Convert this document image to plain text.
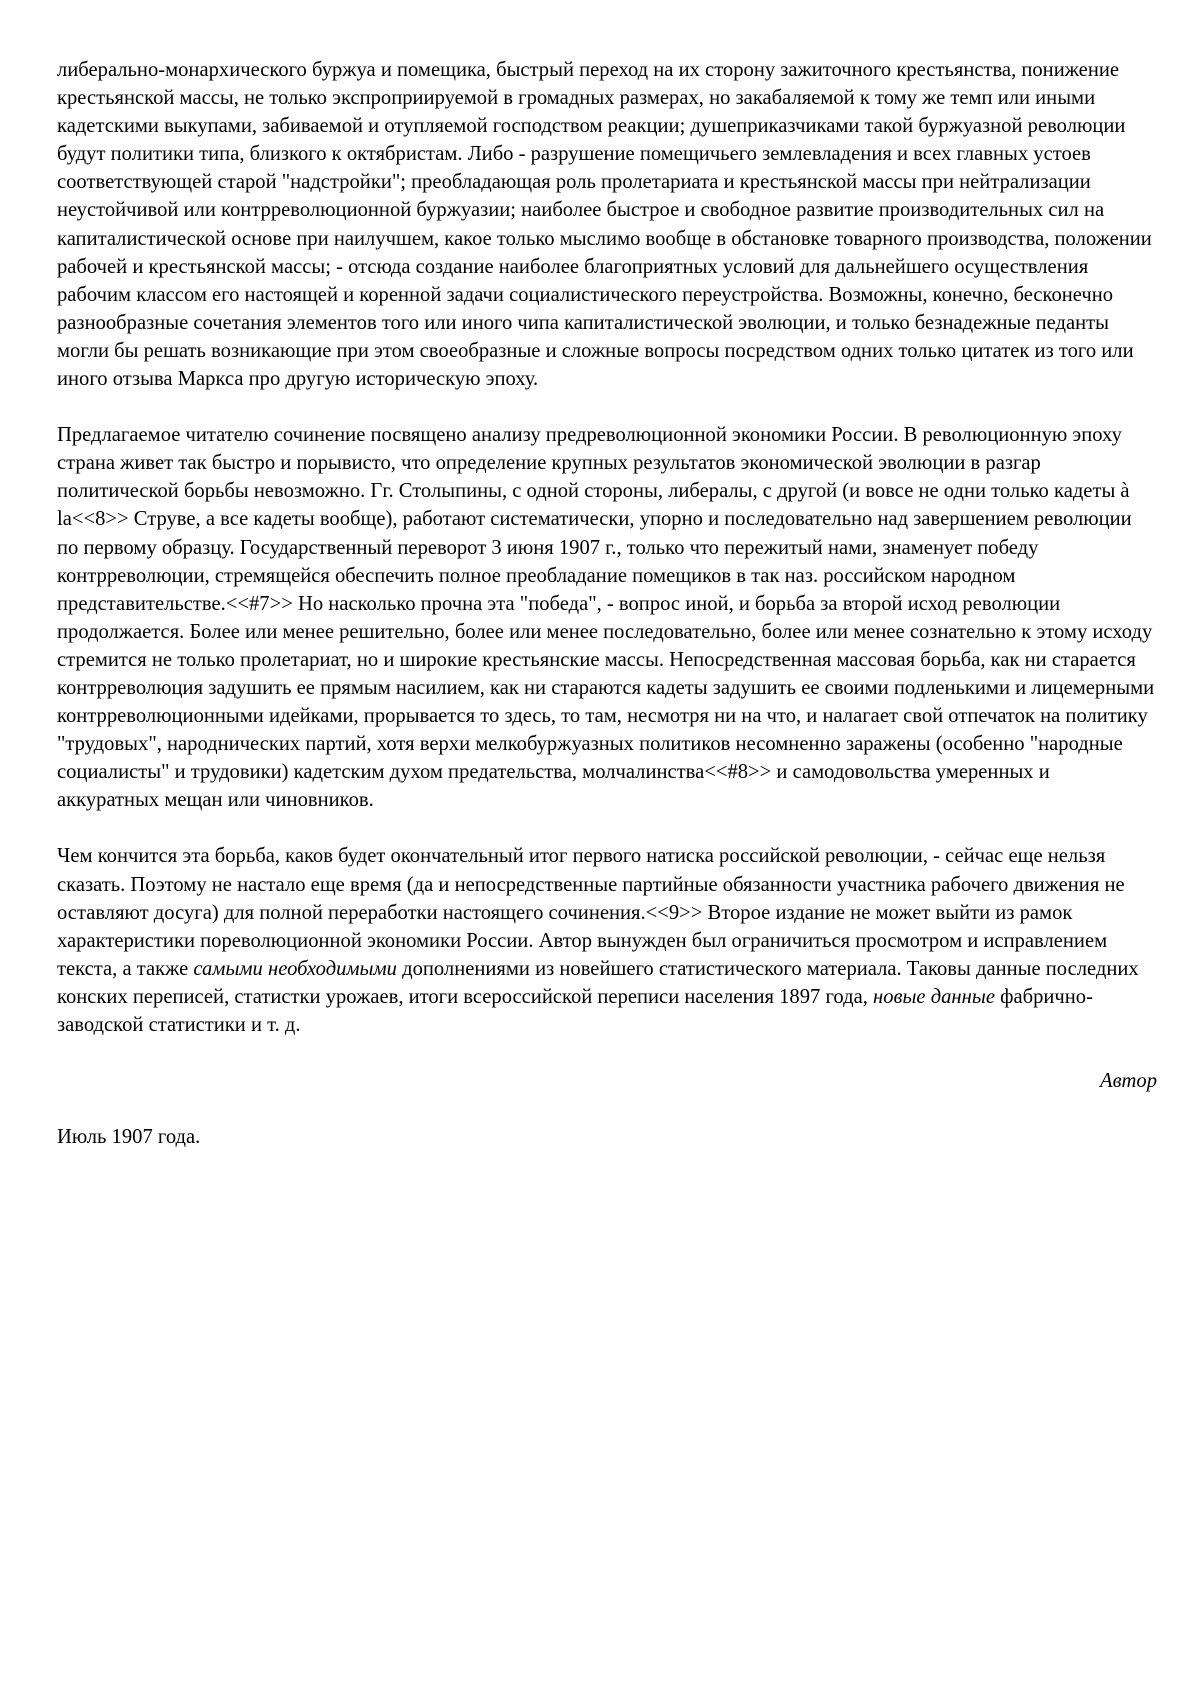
либерально-монархического буржуа и помещика, быстрый переход на их сторону зажиточного крестьянства, понижение крестьянской массы, не только экспроприируемой в громадных размерах, но закабаляемой к тому же темп или иными кадетскими выкупами, забиваемой и отупляемой господством реакции; душеприказчиками такой буржуазной революции будут политики типа, близкого к октябристам. Либо - разрушение помещичьего землевладения и всех главных устоев соответствующей старой "надстройки"; преобладающая роль пролетариата и крестьянской массы при нейтрализации неустойчивой или контрреволюционной буржуазии; наиболее быстрое и свободное развитие производительных сил на капиталистической основе при наилучшем, какое только мыслимо вообще в обстановке товарного производства, положении рабочей и крестьянской массы; - отсюда создание наиболее благоприятных условий для дальнейшего осуществления рабочим классом его настоящей и коренной задачи социалистического переустройства. Возможны, конечно, бесконечно разнообразные сочетания элементов того или иного чипа капиталистической эволюции, и только безнадежные педанты могли бы решать возникающие при этом своеобразные и сложные вопросы посредством одних только цитатек из того или иного отзыва Маркса про другую историческую эпоху.

Предлагаемое читателю сочинение посвящено анализу предреволюционной экономики России. В революционную эпоху страна живет так быстро и порывисто, что определение крупных результатов экономической эволюции в разгар политической борьбы невозможно. Гг. Столыпины, с одной стороны, либералы, с другой (и вовсе не одни только кадеты à la<<8>> Струве, а все кадеты вообще), работают систематически, упорно и последовательно над завершением революции по первому образцу. Государственный переворот 3 июня 1907 г., только что пережитый нами, знаменует победу контрреволюции, стремящейся обеспечить полное преобладание помещиков в так наз. российском народном представительстве.<<#7>> Но насколько прочна эта "победа", - вопрос иной, и борьба за второй исход революции продолжается. Более или менее решительно, более или менее последовательно, более или менее сознательно к этому исходу стремится не только пролетариат, но и широкие крестьянские массы. Непосредственная массовая борьба, как ни старается контрреволюция задушить ее прямым насилием, как ни стараются кадеты задушить ее своими подленькими и лицемерными контрреволюционными идейками, прорывается то здесь, то там, несмотря ни на что, и налагает свой отпечаток на политику "трудовых", народнических партий, хотя верхи мелкобуржуазных политиков несомненно заражены (особенно "народные социалисты" и трудовики) кадетским духом предательства, молчалинства<<#8>> и самодовольства умеренных и аккуратных мещан или чиновников.

Чем кончится эта борьба, каков будет окончательный итог первого натиска российской революции, - сейчас еще нельзя сказать. Поэтому не настало еще время (да и непосредственные партийные обязанности участника рабочего движения не оставляют досуга) для полной переработки настоящего сочинения.<<9>> Второе издание не может выйти из рамок характеристики пореволюционной экономики России. Автор вынужден был ограничиться просмотром и исправлением текста, а также самыми необходимыми дополнениями из новейшего статистического материала. Таковы данные последних конских переписей, статистки урожаев, итоги всероссийской переписи населения 1897 года, новые данные фабрично-заводской статистики и т. д.

Автор

Июль 1907 года.
